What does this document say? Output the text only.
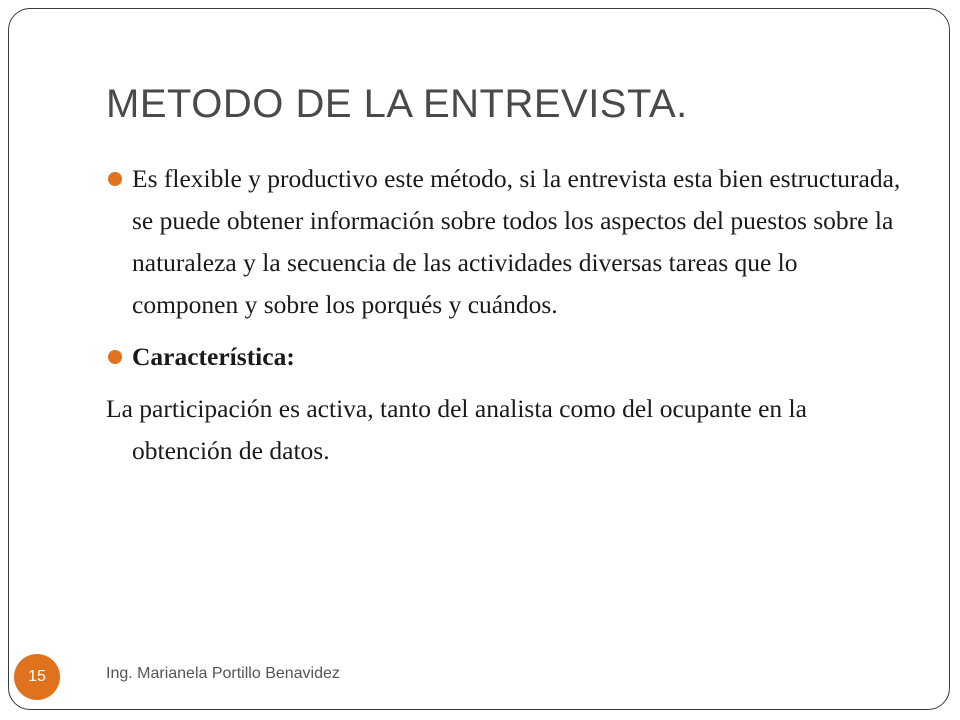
METODO DE LA ENTREVISTA.
Es flexible y productivo este método, si la entrevista esta bien estructurada, se puede obtener información sobre todos los aspectos del puestos sobre la naturaleza y la secuencia de las actividades diversas tareas que lo componen y sobre los porqués y cuándos.
Característica:

La participación es activa, tanto del analista como del ocupante en la obtención de datos.

15	Ing. Marianela Portillo Benavidez
